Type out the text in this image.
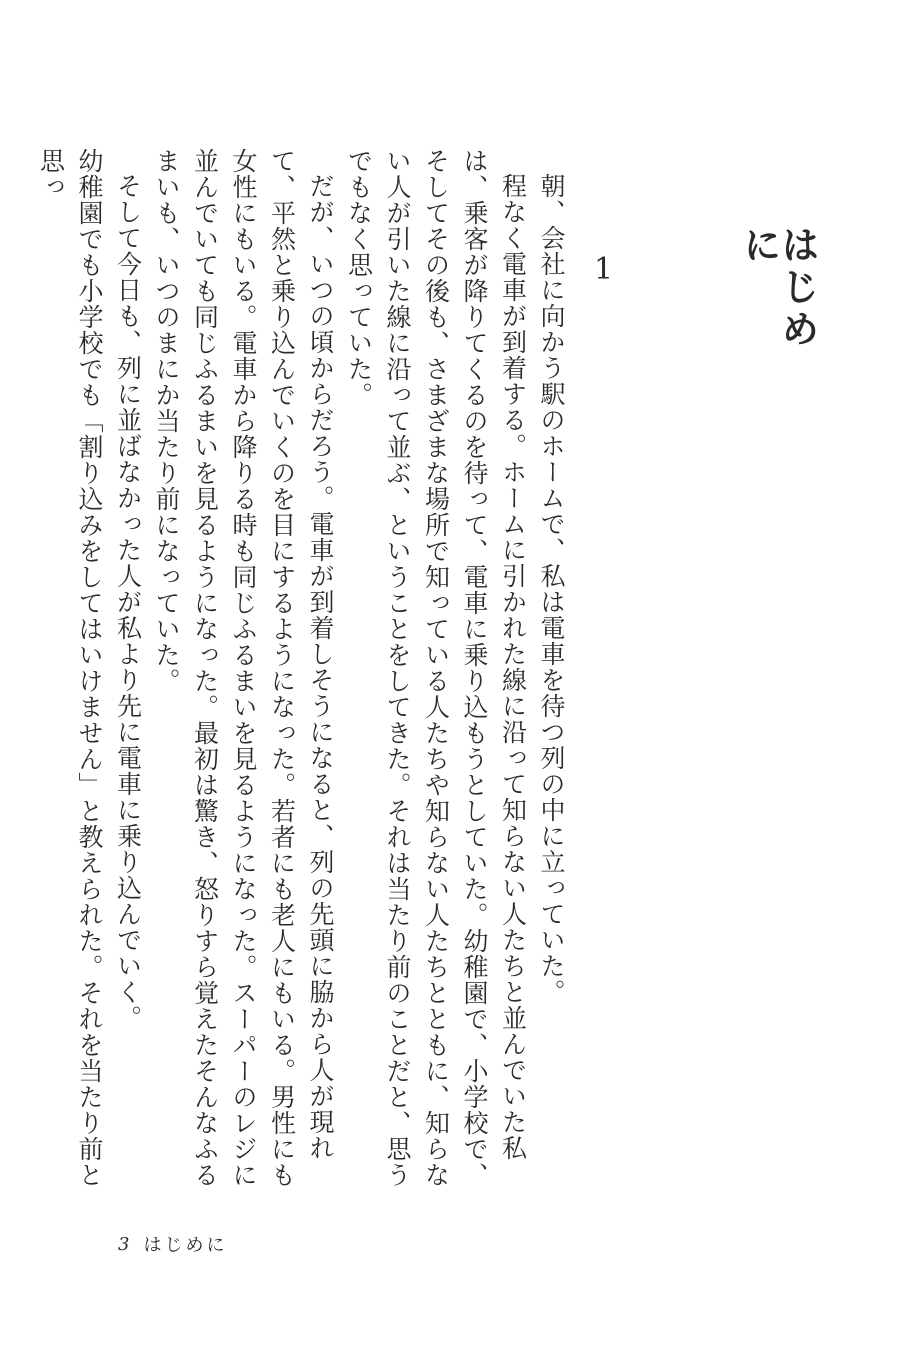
はじめに
1

朝、会社に向かう駅のホームで、私は電車を待つ列の中に立っていた。

程なく電車が到着する。ホームに引かれた線に沿って知らない人たちと並んでいた私は、乗客が降りてくるのを待って、電車に乗り込もうとしていた。幼稚園で、小学校で、そしてその後も、さまざまな場所で知っている人たちや知らない人たちとともに、知らない人が引いた線に沿って並ぶ、ということをしてきた。それは当たり前のことだと、思うでもなく思っていた。

だが、いつの頃からだろう。電車が到着しそうになると、列の先頭に脇から人が現れて、平然と乗り込んでいくのを目にするようになった。若者にも老人にもいる。男性にも女性にもいる。電車から降りる時も同じふるまいを見るようになった。スーパーのレジに並んでいても同じふるまいを見るようになった。最初は驚き、怒りすら覚えたそんなふるまいも、いつのまにか当たり前になっていた。

そして今日も、列に並ばなかった人が私より先に電車に乗り込んでいく。

幼稚園でも小学校でも「割り込みをしてはいけません」と教えられた。それを当たり前と思っ

3 はじめに
